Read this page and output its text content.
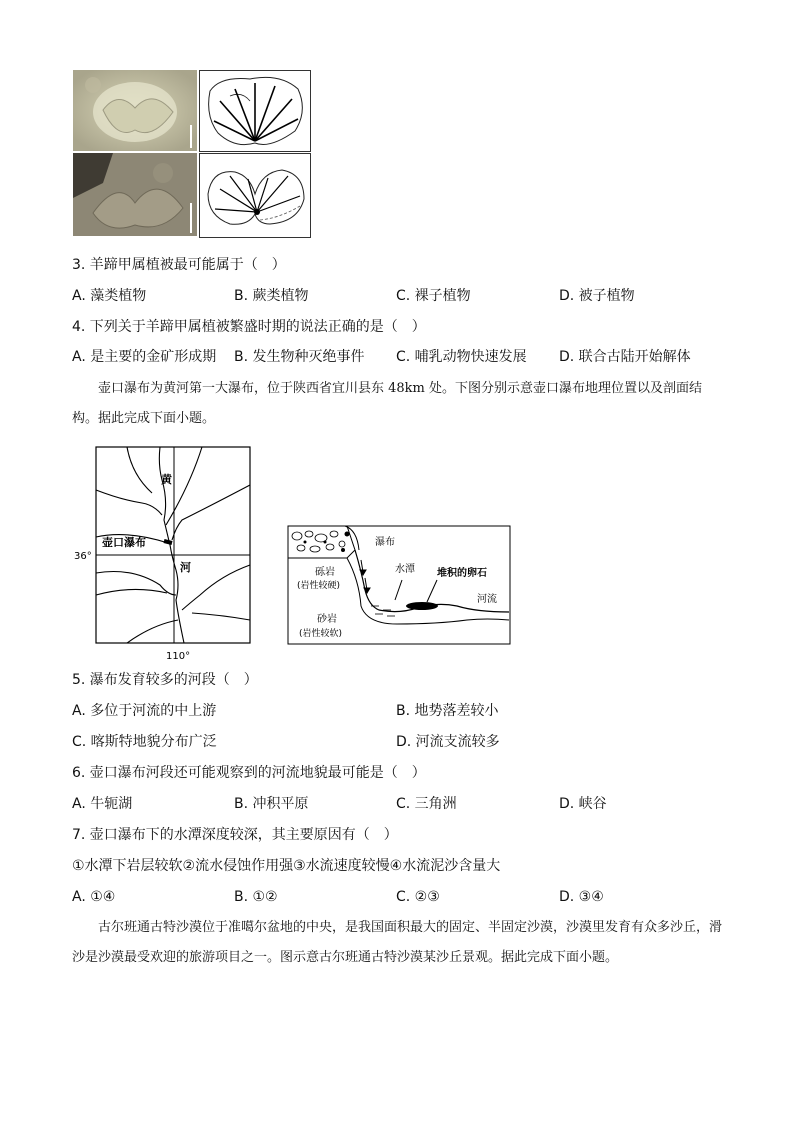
3. 羊蹄甲属植被最可能属于（　）
A. 藻类植物	B. 蕨类植物	C. 裸子植物	D. 被子植物
4. 下列关于羊蹄甲属植被繁盛时期的说法正确的是（　）
A. 是主要的金矿形成期 B. 发生物种灭绝事件 C. 哺乳动物快速发展 D. 联合古陆开始解体
壶口瀑布为黄河第一大瀑布，位于陕西省宜川县东 48km 处。下图分别示意壶口瀑布地理位置以及剖面结构。据此完成下面小题。
黄
河
壶口瀑布
36°
110°
瀑布
砾岩
(岩性较硬)
水潭 堆积的卵石
河流
砂岩
(岩性较软)
5. 瀑布发育较多的河段（　）
A. 多位于河流的中上游	B. 地势落差较小
C. 喀斯特地貌分布广泛	D. 河流支流较多
6. 壶口瀑布河段还可能观察到的河流地貌最可能是（　）
A. 牛轭湖	B. 冲积平原	C. 三角洲	D. 峡谷
7. 壶口瀑布下的水潭深度较深，其主要原因有（　）
①水潭下岩层较软②流水侵蚀作用强③水流速度较慢④水流泥沙含量大
A. ①④	B. ①②	C. ②③	D. ③④
古尔班通古特沙漠位于准噶尔盆地的中央，是我国面积最大的固定、半固定沙漠，沙漠里发育有众多沙丘，滑沙是沙漠最受欢迎的旅游项目之一。图示意古尔班通古特沙漠某沙丘景观。据此完成下面小题。
